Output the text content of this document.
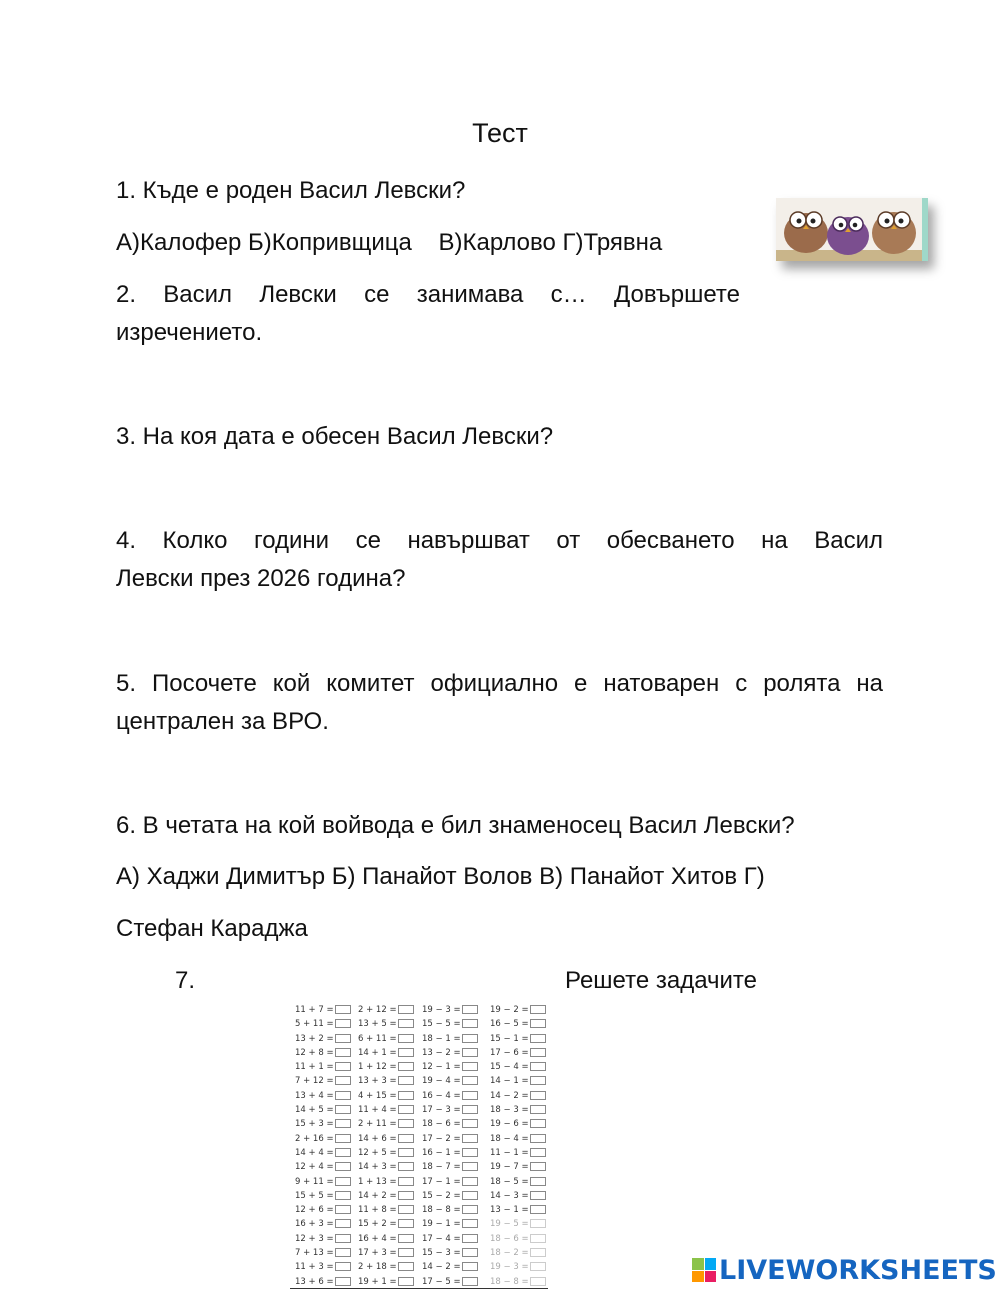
Тест
1. Къде е роден Васил Левски?
А)Калофер Б)Копривщица    В)Карлово Г)Трявна
2. Васил Левски се занимава с… Довършете
изречението.
3. На коя дата е обесен Васил Левски?
4. Колко години се навършват от обесването на Васил
Левски през 2026 година?
5. Посочете кой комитет официално е натоварен с ролята на
централен за ВРО.
6. В четата на кой войвода е бил знаменосец Васил Левски?
А) Хаджи Димитър Б) Панайот Волов В) Панайот Хитов Г)
Стефан Караджа
7.	Решете задачите
11 + 7 =
5 + 11 =
13 + 2 =
12 + 8 =
11 + 1 =
7 + 12 =
13 + 4 =
14 + 5 =
15 + 3 =
2 + 16 =
14 + 4 =
12 + 4 =
9 + 11 =
15 + 5 =
12 + 6 =
16 + 3 =
12 + 3 =
7 + 13 =
11 + 3 =
13 + 6 =
2 + 12 =
13 + 5 =
6 + 11 =
14 + 1 =
1 + 12 =
13 + 3 =
4 + 15 =
11 + 4 =
2 + 11 =
14 + 6 =
12 + 5 =
14 + 3 =
1 + 13 =
14 + 2 =
11 + 8 =
15 + 2 =
16 + 4 =
17 + 3 =
2 + 18 =
19 + 1 =
19 − 3 =
15 − 5 =
18 − 1 =
13 − 2 =
12 − 1 =
19 − 4 =
16 − 4 =
17 − 3 =
18 − 6 =
17 − 2 =
16 − 1 =
18 − 7 =
17 − 1 =
15 − 2 =
18 − 8 =
19 − 1 =
17 − 4 =
15 − 3 =
14 − 2 =
17 − 5 =
19 − 2 =
16 − 5 =
15 − 1 =
17 − 6 =
15 − 4 =
14 − 1 =
14 − 2 =
18 − 3 =
19 − 6 =
18 − 4 =
11 − 1 =
19 − 7 =
18 − 5 =
14 − 3 =
13 − 1 =
19 − 5 =
18 − 6 =
18 − 2 =
19 − 3 =
18 − 8 =	LIVEWORKSHEETS
